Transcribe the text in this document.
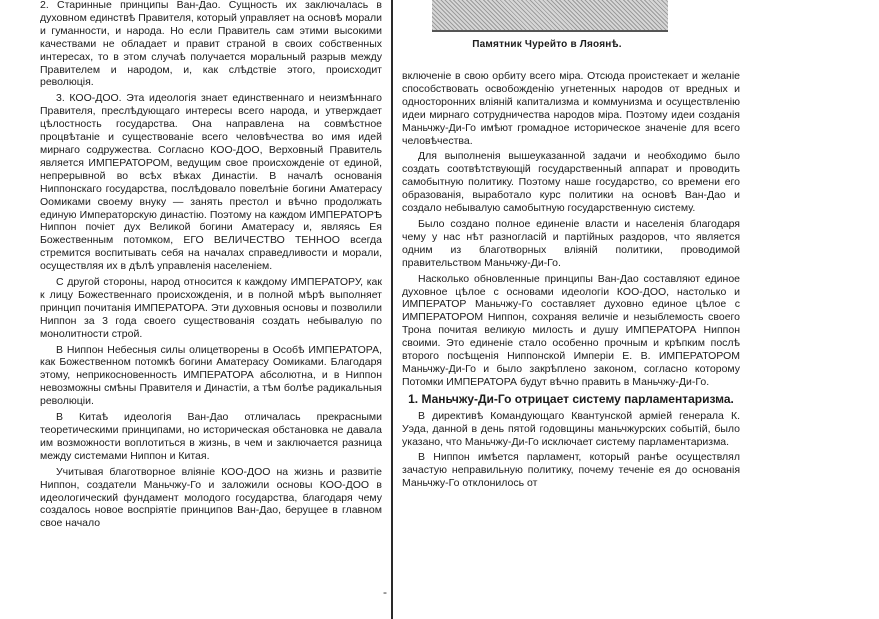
2. Старинные принципы Ван-Дао. Сущность их заключалась в духовном единствѣ Правителя, который управляет на основѣ морали и гуманности, и народа. Но если Правитель сам этими высокими качествами не обладает и правит страной в своих собственных интересах, то в этом случаѣ получается моральный разрыв между Правителем и народом, и, как слѣдствіе этого, происходит революція.

3. КОО-ДОО. Эта идеологія знает единственнаго и неизмѣннаго Правителя, преслѣдующаго интересы всего народа, и утверждает цѣлостность государства. Она направлена на совмѣстное процвѣтаніе и существованіе всего человѣчества во имя идей мирнаго содружества. Согласно КОО-ДОО, Верховный Правитель является ИМПЕРАТОРОМ, ведущим свое происхожденіе от единой, непрерывной во всѣх вѣках Династіи. В началѣ основанія Ниппонскаго государства, послѣдовало повелѣніе богини Аматерасу Оомиками своему внуку — занять престол и вѣчно продолжать единую Императорскую династію. Поэтому на каждом ИМПЕРАТОРѢ Ниппон почіет дух Великой богини Аматерасу и, являясь Ея Божественным потомком, ЕГО ВЕЛИЧЕСТВО ТЕННОО всегда стремится воспитывать себя на началах справедливости и морали, осуществляя их в дѣлѣ управленія населеніем.

С другой стороны, народ относится к каждому ИМПЕРАТОРУ, как к лицу Божественнаго происхожденія, и в полной мѣрѣ выполняет принцип почитанія ИМПЕРАТОРА. Эти духовныя основы и позволили Ниппон за 3 года своего существованія создать небывалую по монолитности строй.

В Ниппон Небесныя силы олицетворены в Особѣ ИМПЕРАТОРА, как Божественном потомкѣ богини Аматерасу Оомиками. Благодаря этому, неприкосновенность ИМПЕРАТОРА абсолютна, и в Ниппон невозможны смѣны Правителя и Династіи, а тѣм болѣе радикальныя революціи.

В Китаѣ идеологія Ван-Дао отличалась прекрасными теоретическими принципами, но историческая обстановка не давала им возможности воплотиться в жизнь, в чем и заключается разница между системами Ниппон и Китая.

Учитывая благотворное вліяніе КОО-ДОО на жизнь и развитіе Ниппон, создатели Маньчжу-Го и заложили основы КОО-ДОО в идеологический фундамент молодого государства, благодаря чему создалось новое воспріятіе принципов Ван-Дао, берущее в главном свое начало

-
Памятник Чурейто в Ляоянѣ.

включеніе в свою орбиту всего міра. Отсюда проистекает и желаніе способствовать освобожденію угнетенных народов от вредных и односторонних вліяній капитализма и коммунизма и осуществленію идеи мирнаго сотрудничества народов міра. Поэтому идеи созданія Маньчжу-Ди-Го имѣют громадное историческое значеніе для всего человѣчества.

Для выполненія вышеуказанной задачи и необходимо было создать соотвѣтствующій государственный аппарат и проводить самобытную политику. Поэтому наше государство, со времени его образованія, выработало курс политики на основѣ Ван-Дао и создало небывалую самобытную государственную систему.

Было создано полное единеніе власти и населенія благодаря чему у нас нѣт разногласій и партійных раздоров, что является одним из благотворных вліяній политики, проводимой правительством Маньчжу-Ди-Го.

Насколько обновленные принципы Ван-Дао составляют единое духовное цѣлое с основами идеологіи КОО-ДОО, настолько и ИМПЕРАТОР Маньчжу-Го составляет духовно единое цѣлое с ИМПЕРАТОРОМ Ниппон, сохраняя величіе и незыблемость своего Трона почитая великую милость и душу ИМПЕРАТОРА Ниппон своими. Это единеніе стало особенно прочным и крѣпким послѣ второго посѣщенія Ниппонской Имперіи Е. В. ИМПЕРАТОРОМ Маньчжу-Ди-Го и было закрѣплено законом, согласно которому Потомки ИМПЕРАТОРА будут вѣчно править в Маньчжу-Ди-Го.

1. Маньчжу-Ди-Го отрицает систему парламентаризма.

В директивѣ Командующаго Квантунской арміей генерала К. Уэда, данной в день пятой годовщины маньчжурских событій, было указано, что Маньчжу-Ди-Го исключает систему парламентаризма.

В Ниппон имѣется парламент, который ранѣе осуществлял зачастую неправильную политику, почему теченіе ея до основанія Маньчжу-Го отклонилось от
